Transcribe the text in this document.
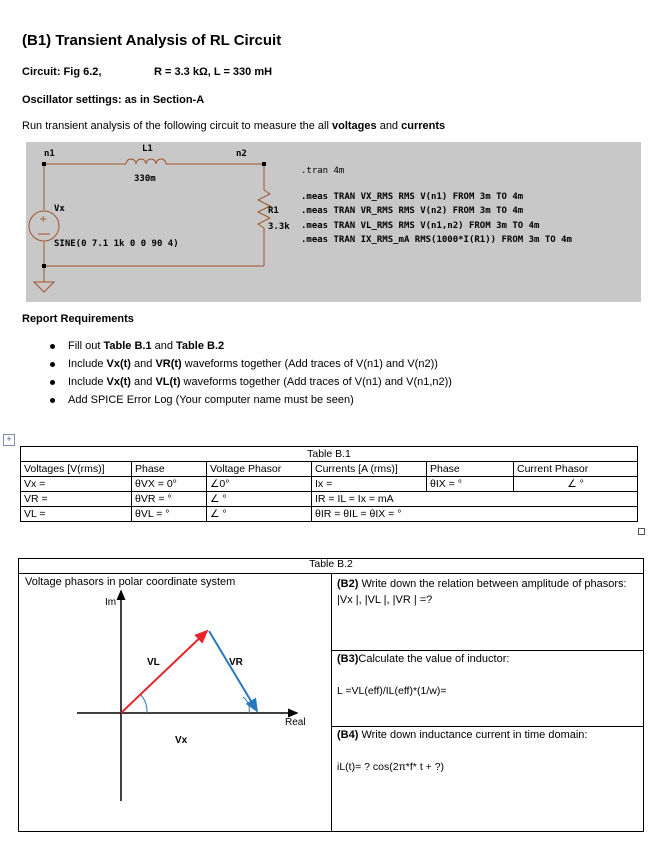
(B1) Transient Analysis of RL Circuit
Circuit: Fig 6.2,	R = 3.3 kΩ, L = 330 mH
Oscillator settings: as in Section-A
Run transient analysis of the following circuit to measure the all voltages and currents
+
n1	n2
L1
330m
R1
3.3k
Vx
SINE(0 7.1 1k 0 0 90 4)
.tran 4m
.meas TRAN VX_RMS RMS V(n1) FROM 3m TO 4m
.meas TRAN VR_RMS RMS V(n2) FROM 3m TO 4m
.meas TRAN VL_RMS RMS V(n1,n2) FROM 3m TO 4m
.meas TRAN IX_RMS_mA RMS(1000*I(R1)) FROM 3m TO 4m
Report Requirements
Fill out Table B.1 and Table B.2
Include Vx(t) and VR(t) waveforms together (Add traces of V(n1) and V(n2))
Include Vx(t) and VL(t) waveforms together (Add traces of V(n1) and V(n1,n2))
Add SPICE Error Log (Your computer name must be seen)
+
Table B.1					
Voltages [V(rms)]	Phase	Voltage Phasor	Currents [A (rms)]	Phase	Current Phasor
Vx =	θVX = 0°	∠0°	Ix =	θIX = °	∠ °
VR =	θVR = °	∠ °	IR = IL = Ix = mA		
VL =	θVL = °	∠ °	θIR = θIL = θIX = °		
Table B.2
Voltage phasors in polar coordinate system
Im
Real
VL	VR
Vx
(B2) Write down the relation between amplitude of phasors: |Vx |, |VL |, |VR | =?
(B3)Calculate the value of inductor:
L =VL(eff)/IL(eff)*(1/w)=
(B4) Write down inductance current in time domain:
iL(t)= ? cos(2π*f* t + ?)
